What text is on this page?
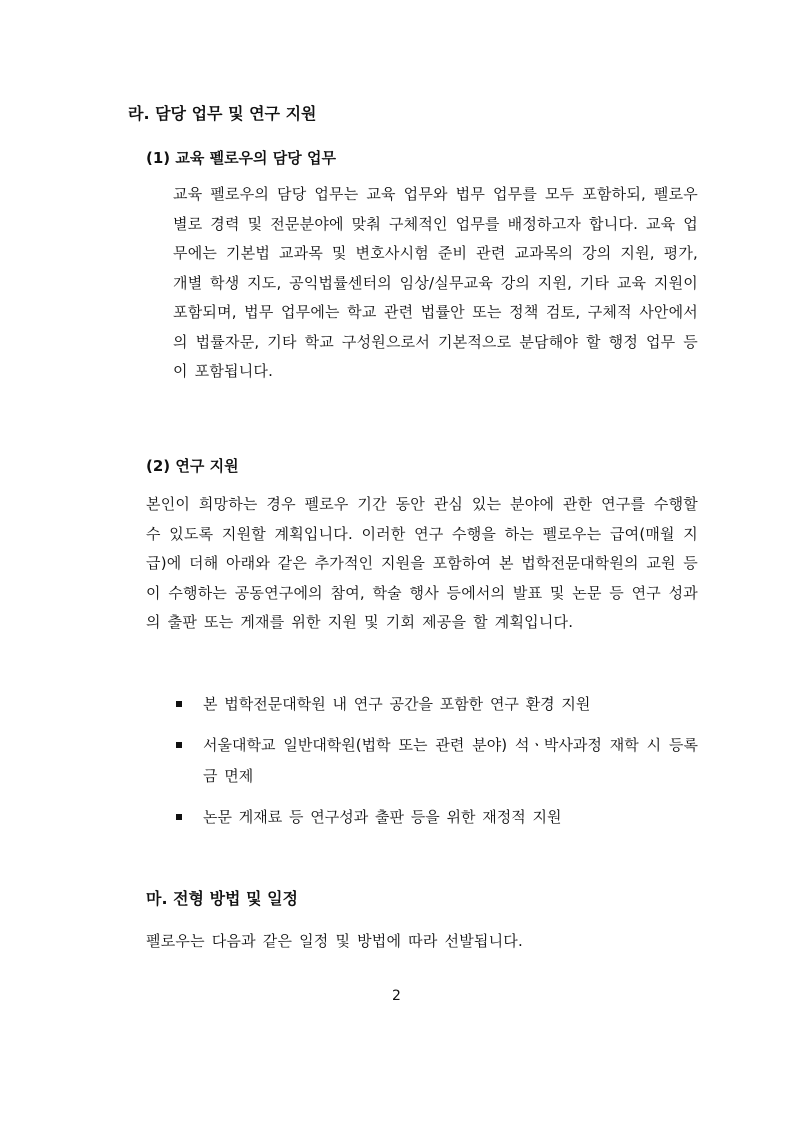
라. 담당 업무 및 연구 지원
(1) 교육 펠로우의 담당 업무
교육 펠로우의 담당 업무는 교육 업무와 법무 업무를 모두 포함하되, 펠로우별로 경력 및 전문분야에 맞춰 구체적인 업무를 배정하고자 합니다. 교육 업무에는 기본법 교과목 및 변호사시험 준비 관련 교과목의 강의 지원, 평가, 개별 학생 지도, 공익법률센터의 임상/실무교육 강의 지원, 기타 교육 지원이 포함되며, 법무 업무에는 학교 관련 법률안 또는 정책 검토, 구체적 사안에서의 법률자문, 기타 학교 구성원으로서 기본적으로 분담해야 할 행정 업무 등이 포함됩니다.
(2) 연구 지원
본인이 희망하는 경우 펠로우 기간 동안 관심 있는 분야에 관한 연구를 수행할 수 있도록 지원할 계획입니다. 이러한 연구 수행을 하는 펠로우는 급여(매월 지급)에 더해 아래와 같은 추가적인 지원을 포함하여 본 법학전문대학원의 교원 등이 수행하는 공동연구에의 참여, 학술 행사 등에서의 발표 및 논문 등 연구 성과의 출판 또는 게재를 위한 지원 및 기회 제공을 할 계획입니다.
본 법학전문대학원 내 연구 공간을 포함한 연구 환경 지원
서울대학교 일반대학원(법학 또는 관련 분야) 석ㆍ박사과정 재학 시 등록금 면제
논문 게재료 등 연구성과 출판 등을 위한 재정적 지원
마. 전형 방법 및 일정
펠로우는 다음과 같은 일정 및 방법에 따라 선발됩니다.
2
